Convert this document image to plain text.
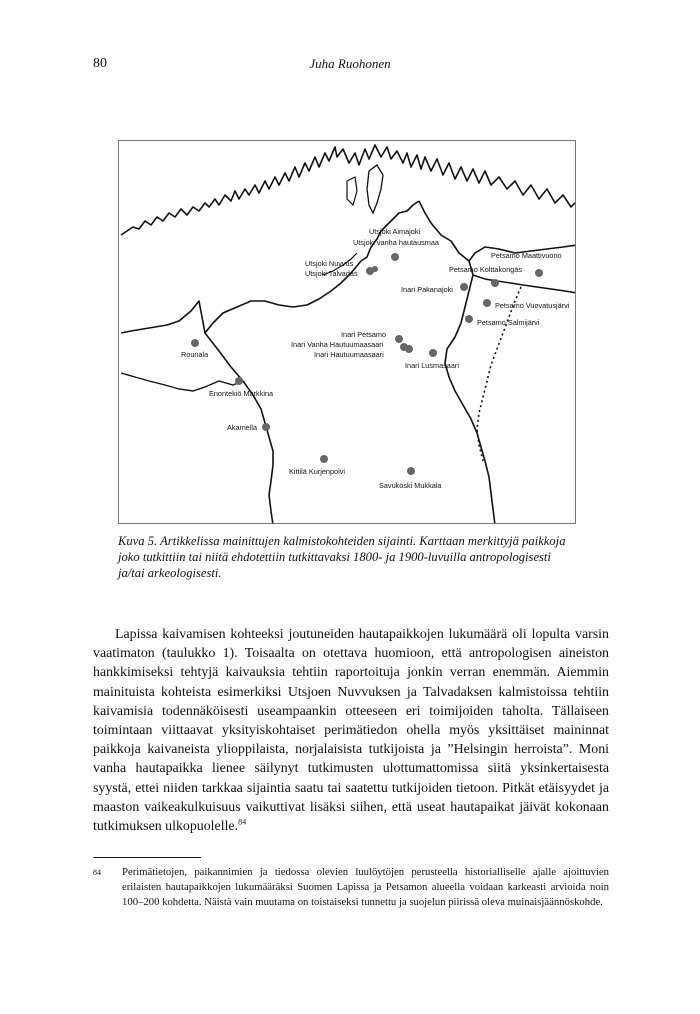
80	Juha Ruohonen
Utsjoki Aimajoki
Utsjoki vanha hautausmaa
Utsjoki Nuvvus
Utsjoki Talvadas
Petsamo Maattivuono
Petsamo Kolttakongäs
Inari Pakanajoki
Petsamo Vuovatusjärvi
Petsamo Salmijärvi
Inari Petsamo
Inari Vanha Hautuumaasaari
Inari Hautuumaasaari
Inari Lusmasaari
Rounala
Enontekiö Markkina
Akamella
Kittilä Kurjenpolvi
Savukoski Mukkala
Kuva 5. Artikkelissa mainittujen kalmistokohteiden sijainti. Karttaan merkittyjä paikkoja joko tutkittiin tai niitä ehdotettiin tutkittavaksi 1800- ja 1900-luvuilla antropologisesti ja/tai arkeologisesti.

Lapissa kaivamisen kohteeksi joutuneiden hautapaikkojen lukumäärä oli lopulta varsin vaatimaton (taulukko 1). Toisaalta on otettava huomioon, että antropologisen aineiston hankkimiseksi tehtyjä kaivauksia tehtiin raportoituja jonkin verran enemmän. Aiemmin mainituista kohteista esimerkiksi Utsjoen Nuvvuksen ja Talvadaksen kalmistoissa tehtiin kaivamisia todennäköisesti useampaankin otteeseen eri toimijoiden taholta. Tällaiseen toimintaan viittaavat yksityiskohtaiset perimätiedon ohella myös yksittäiset maininnat paikkoja kaivaneista ylioppilaista, norjalaisista tutkijoista ja ”Helsingin herroista”. Moni vanha hautapaikka lienee säilynyt tutkimusten ulottumattomissa siitä yksinkertaisesta syystä, ettei niiden tarkkaa sijaintia saatu tai saatettu tutkijoiden tietoon. Pitkät etäisyydet ja maaston vaikeakulkuisuus vaikuttivat lisäksi siihen, että useat hautapaikat jäivät kokonaan tutkimuksen ulkopuolelle.$^{84}$

84 Perimätietojen, paikannimien ja tiedossa olevien luulöytöjen perusteella historialliselle ajalle ajoittuvien erilaisten hautapaikkojen lukumääräksi Suomen Lapissa ja Petsamon alueella voidaan karkeasti arvioida noin 100–200 kohdetta. Näistä vain muutama on toistaiseksi tunnettu ja suojelun piirissä oleva muinaisjäännöskohde.
